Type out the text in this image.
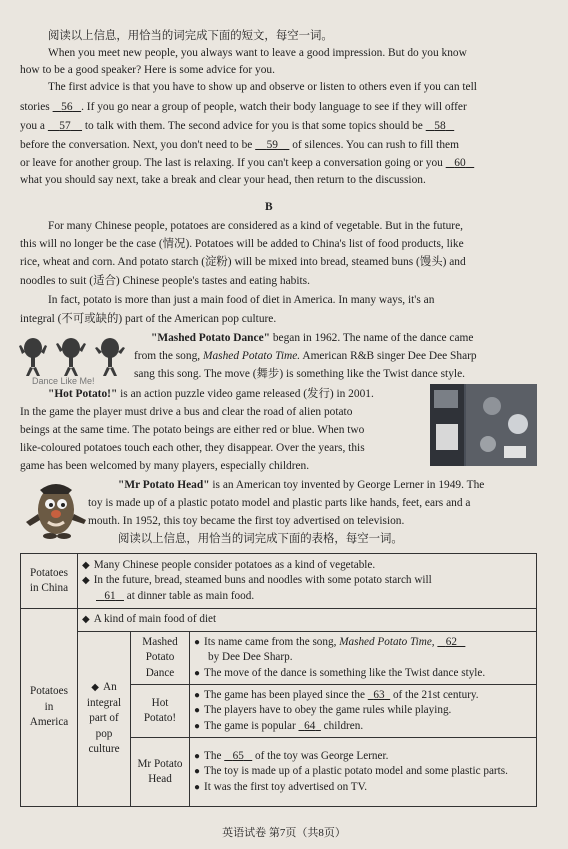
阅读以上信息，用恰当的词完成下面的短文，每空一词。

When you meet new people, you always want to leave a good impression. But do you know

how to be a good speaker? Here is some advice for you.

The first advice is that you have to show up and observe or listen to others even if you can tell

stories 56 . If you go near a group of people, watch their body language to see if they will offer

you a 57 to talk with them. The second advice for you is that some topics should be 58

before the conversation. Next, you don't need to be 59 of silences. You can rush to fill them

or leave for another group. The last is relaxing. If you can't keep a conversation going or you 60

what you should say next, take a break and clear your head, then return to the discussion.

B

For many Chinese people, potatoes are considered as a kind of vegetable. But in the future,

this will no longer be the case (情况). Potatoes will be added to China's list of food products, like

rice, wheat and corn. And potato starch (淀粉) will be mixed into bread, steamed buns (馒头) and

noodles to suit (适合) Chinese people's tastes and eating habits.

In fact, potato is more than just a main food of diet in America. In many ways, it's an

integral (不可或缺的) part of the American pop culture.

Dance Like Me!

"Mashed Potato Dance" began in 1962. The name of the dance came

from the song, Mashed Potato Time. American R&B singer Dee Dee Sharp

sang this song. The move (舞步) is something like the Twist dance style.

"Hot Potato!" is an action puzzle video game released (发行) in 2001.

In the game the player must drive a bus and clear the road of alien potato

beings at the same time. The potato beings are either red or blue. When two

like-coloured potatoes touch each other, they disappear. Over the years, this

game has been welcomed by many players, especially children.

"Mr Potato Head" is an American toy invented by George Lerner in 1949. The

toy is made up of a plastic potato model and plastic parts like hands, feet, ears and a

mouth. In 1952, this toy became the first toy advertised on television.

阅读以上信息，用恰当的词完成下面的表格，每空一词。

Potatoes in China	◆ Many Chinese people consider potatoes as a kind of vegetable.
◆ In the future, bread, steamed buns and noodles with some potato starch will
61 at dinner table as main food.		

Potatoes in America	◆ A kind of main food of diet		
	◆ An integral part of pop culture	Mashed Potato Dance	● Its name came from the song, Mashed Potato Time, 62
by Dee Dee Sharp.
● The move of the dance is something like the Twist dance style.

		Hot Potato!	● The game has been played since the 63 of the 21st century.
● The players have to obey the game rules while playing.
● The game is popular 64 children.

		Mr Potato Head	● The 65 of the toy was George Lerner.
● The toy is made up of a plastic potato model and some plastic parts.
● It was the first toy advertised on TV.
英语试卷 第7页（共8页）
